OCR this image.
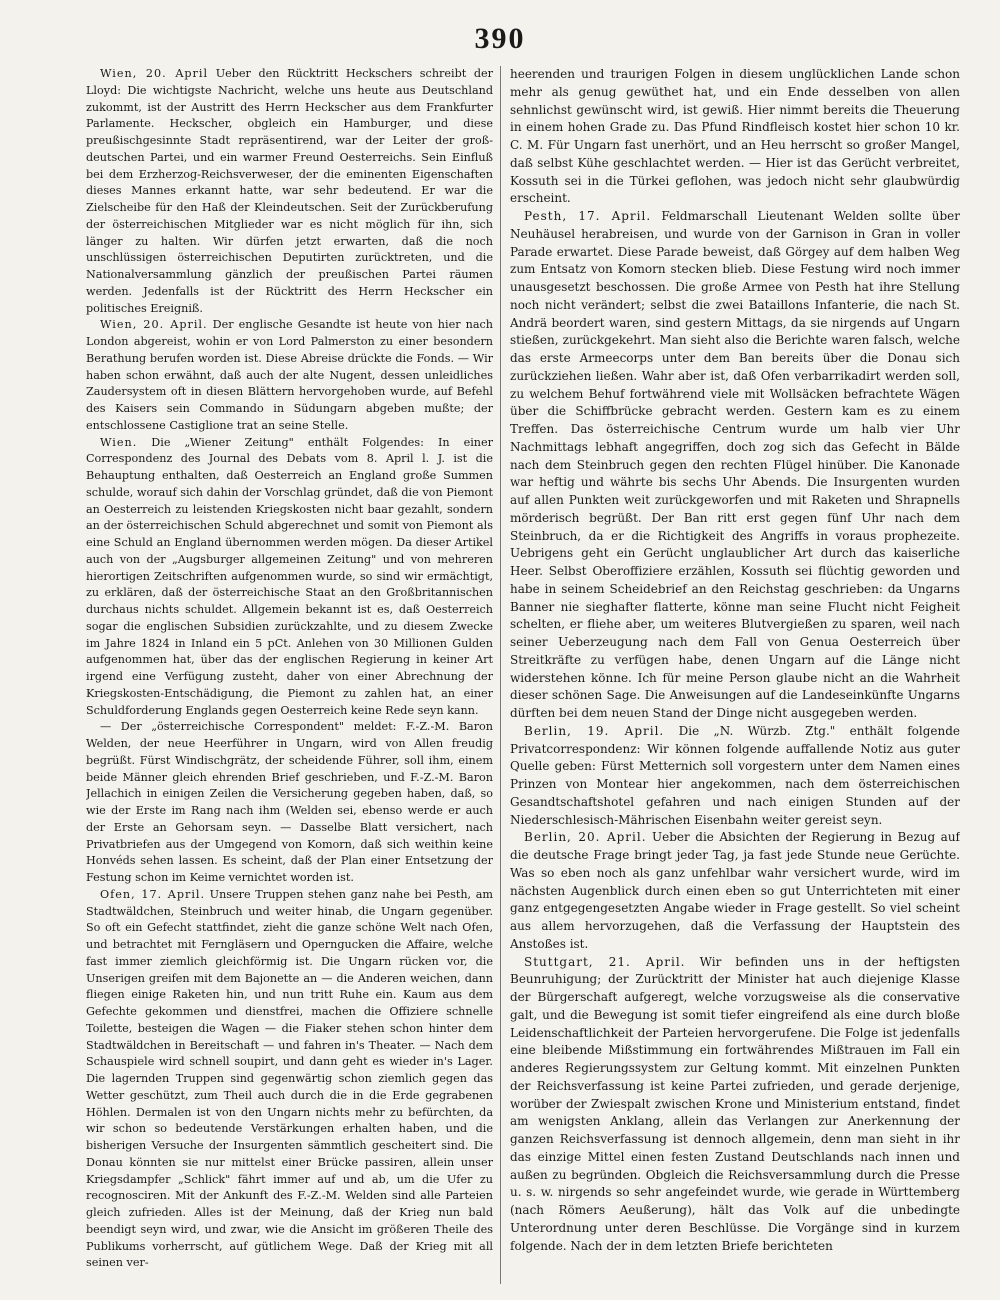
390

Wien, 20. April Ueber den Rücktritt Heckschers schreibt der Lloyd: Die wichtigste Nachricht, welche uns heute aus Deutschland zukommt, ist der Austritt des Herrn Heckscher aus dem Frankfurter Parlamente. Heckscher, obgleich ein Hamburger, und diese preußischgesinnte Stadt repräsentirend, war der Leiter der groß-deutschen Partei, und ein warmer Freund Oesterreichs. Sein Einfluß bei dem Erzherzog-Reichsverweser, der die eminenten Eigenschaften dieses Mannes erkannt hatte, war sehr bedeutend. Er war die Zielscheibe für den Haß der Kleindeutschen. Seit der Zurückberufung der österreichischen Mitglieder war es nicht möglich für ihn, sich länger zu halten. Wir dürfen jetzt erwarten, daß die noch unschlüssigen österreichischen Deputirten zurücktreten, und die Nationalversammlung gänzlich der preußischen Partei räumen werden. Jedenfalls ist der Rücktritt des Herrn Heckscher ein politisches Ereigniß.

Wien, 20. April. Der englische Gesandte ist heute von hier nach London abgereist, wohin er von Lord Palmerston zu einer besondern Berathung berufen worden ist. Diese Abreise drückte die Fonds. — Wir haben schon erwähnt, daß auch der alte Nugent, dessen unleidliches Zaudersystem oft in diesen Blättern hervorgehoben wurde, auf Befehl des Kaisers sein Commando in Südungarn abgeben mußte; der entschlossene Castiglione trat an seine Stelle.

Wien. Die „Wiener Zeitung" enthält Folgendes: In einer Correspondenz des Journal des Debats vom 8. April l. J. ist die Behauptung enthalten, daß Oesterreich an England große Summen schulde, worauf sich dahin der Vorschlag gründet, daß die von Piemont an Oesterreich zu leistenden Kriegskosten nicht baar gezahlt, sondern an der österreichischen Schuld abgerechnet und somit von Piemont als eine Schuld an England übernommen werden mögen. Da dieser Artikel auch von der „Augsburger allgemeinen Zeitung" und von mehreren hierortigen Zeitschriften aufgenommen wurde, so sind wir ermächtigt, zu erklären, daß der österreichische Staat an den Großbritannischen durchaus nichts schuldet. Allgemein bekannt ist es, daß Oesterreich sogar die englischen Subsidien zurückzahlte, und zu diesem Zwecke im Jahre 1824 in Inland ein 5 pCt. Anlehen von 30 Millionen Gulden aufgenommen hat, über das der englischen Regierung in keiner Art irgend eine Verfügung zusteht, daher von einer Abrechnung der Kriegskosten-Entschädigung, die Piemont zu zahlen hat, an einer Schuldforderung Englands gegen Oesterreich keine Rede seyn kann.

— Der „österreichische Correspondent" meldet: F.-Z.-M. Baron Welden, der neue Heerführer in Ungarn, wird von Allen freudig begrüßt. Fürst Windischgrätz, der scheidende Führer, soll ihm, einem beide Männer gleich ehrenden Brief geschrieben, und F.-Z.-M. Baron Jellachich in einigen Zeilen die Versicherung gegeben haben, daß, so wie der Erste im Rang nach ihm (Welden sei, ebenso werde er auch der Erste an Gehorsam seyn. — Dasselbe Blatt versichert, nach Privatbriefen aus der Umgegend von Komorn, daß sich weithin keine Honvéds sehen lassen. Es scheint, daß der Plan einer Entsetzung der Festung schon im Keime vernichtet worden ist.

Ofen, 17. April. Unsere Truppen stehen ganz nahe bei Pesth, am Stadtwäldchen, Steinbruch und weiter hinab, die Ungarn gegenüber. So oft ein Gefecht stattfindet, zieht die ganze schöne Welt nach Ofen, und betrachtet mit Ferngläsern und Operngucken die Affaire, welche fast immer ziemlich gleichförmig ist. Die Ungarn rücken vor, die Unserigen greifen mit dem Bajonette an — die Anderen weichen, dann fliegen einige Raketen hin, und nun tritt Ruhe ein. Kaum aus dem Gefechte gekommen und dienstfrei, machen die Offiziere schnelle Toilette, besteigen die Wagen — die Fiaker stehen schon hinter dem Stadtwäldchen in Bereitschaft — und fahren in's Theater. — Nach dem Schauspiele wird schnell soupirt, und dann geht es wieder in's Lager. Die lagernden Truppen sind gegenwärtig schon ziemlich gegen das Wetter geschützt, zum Theil auch durch die in die Erde gegrabenen Höhlen. Dermalen ist von den Ungarn nichts mehr zu befürchten, da wir schon so bedeutende Verstärkungen erhalten haben, und die bisherigen Versuche der Insurgenten sämmtlich gescheitert sind. Die Donau könnten sie nur mittelst einer Brücke passiren, allein unser Kriegsdampfer „Schlick" fährt immer auf und ab, um die Ufer zu recognosciren. Mit der Ankunft des F.-Z.-M. Welden sind alle Parteien gleich zufrieden. Alles ist der Meinung, daß der Krieg nun bald beendigt seyn wird, und zwar, wie die Ansicht im größeren Theile des Publikums vorherrscht, auf gütlichem Wege. Daß der Krieg mit all seinen ver-

heerenden und traurigen Folgen in diesem unglücklichen Lande schon mehr als genug gewüthet hat, und ein Ende desselben von allen sehnlichst gewünscht wird, ist gewiß. Hier nimmt bereits die Theuerung in einem hohen Grade zu. Das Pfund Rindfleisch kostet hier schon 10 kr. C. M. Für Ungarn fast unerhört, und an Heu herrscht so großer Mangel, daß selbst Kühe geschlachtet werden. — Hier ist das Gerücht verbreitet, Kossuth sei in die Türkei geflohen, was jedoch nicht sehr glaubwürdig erscheint.

Pesth, 17. April. Feldmarschall Lieutenant Welden sollte über Neuhäusel herabreisen, und wurde von der Garnison in Gran in voller Parade erwartet. Diese Parade beweist, daß Görgey auf dem halben Weg zum Entsatz von Komorn stecken blieb. Diese Festung wird noch immer unausgesetzt beschossen. Die große Armee von Pesth hat ihre Stellung noch nicht verändert; selbst die zwei Bataillons Infanterie, die nach St. Andrä beordert waren, sind gestern Mittags, da sie nirgends auf Ungarn stießen, zurückgekehrt. Man sieht also die Berichte waren falsch, welche das erste Armeecorps unter dem Ban bereits über die Donau sich zurückziehen ließen. Wahr aber ist, daß Ofen verbarrikadirt werden soll, zu welchem Behuf fortwährend viele mit Wollsäcken befrachtete Wägen über die Schiffbrücke gebracht werden. Gestern kam es zu einem Treffen. Das österreichische Centrum wurde um halb vier Uhr Nachmittags lebhaft angegriffen, doch zog sich das Gefecht in Bälde nach dem Steinbruch gegen den rechten Flügel hinüber. Die Kanonade war heftig und währte bis sechs Uhr Abends. Die Insurgenten wurden auf allen Punkten weit zurückgeworfen und mit Raketen und Shrapnells mörderisch begrüßt. Der Ban ritt erst gegen fünf Uhr nach dem Steinbruch, da er die Richtigkeit des Angriffs in voraus prophezeite. Uebrigens geht ein Gerücht unglaublicher Art durch das kaiserliche Heer. Selbst Oberoffiziere erzählen, Kossuth sei flüchtig geworden und habe in seinem Scheidebrief an den Reichstag geschrieben: da Ungarns Banner nie sieghafter flatterte, könne man seine Flucht nicht Feigheit schelten, er fliehe aber, um weiteres Blutvergießen zu sparen, weil nach seiner Ueberzeugung nach dem Fall von Genua Oesterreich über Streitkräfte zu verfügen habe, denen Ungarn auf die Länge nicht widerstehen könne. Ich für meine Person glaube nicht an die Wahrheit dieser schönen Sage. Die Anweisungen auf die Landeseinkünfte Ungarns dürften bei dem neuen Stand der Dinge nicht ausgegeben werden.

Berlin, 19. April. Die „N. Würzb. Ztg." enthält folgende Privatcorrespondenz: Wir können folgende auffallende Notiz aus guter Quelle geben: Fürst Metternich soll vorgestern unter dem Namen eines Prinzen von Montear hier angekommen, nach dem österreichischen Gesandtschaftshotel gefahren und nach einigen Stunden auf der Niederschlesisch-Mährischen Eisenbahn weiter gereist seyn.

Berlin, 20. April. Ueber die Absichten der Regierung in Bezug auf die deutsche Frage bringt jeder Tag, ja fast jede Stunde neue Gerüchte. Was so eben noch als ganz unfehlbar wahr versichert wurde, wird im nächsten Augenblick durch einen eben so gut Unterrichteten mit einer ganz entgegengesetzten Angabe wieder in Frage gestellt. So viel scheint aus allem hervorzugehen, daß die Verfassung der Hauptstein des Anstoßes ist.

Stuttgart, 21. April. Wir befinden uns in der heftigsten Beunruhigung; der Zurücktritt der Minister hat auch diejenige Klasse der Bürgerschaft aufgeregt, welche vorzugsweise als die conservative galt, und die Bewegung ist somit tiefer eingreifend als eine durch bloße Leidenschaftlichkeit der Parteien hervorgerufene. Die Folge ist jedenfalls eine bleibende Mißstimmung ein fortwährendes Mißtrauen im Fall ein anderes Regierungssystem zur Geltung kommt. Mit einzelnen Punkten der Reichsverfassung ist keine Partei zufrieden, und gerade derjenige, worüber der Zwiespalt zwischen Krone und Ministerium entstand, findet am wenigsten Anklang, allein das Verlangen zur Anerkennung der ganzen Reichsverfassung ist dennoch allgemein, denn man sieht in ihr das einzige Mittel einen festen Zustand Deutschlands nach innen und außen zu begründen. Obgleich die Reichsversammlung durch die Presse u. s. w. nirgends so sehr angefeindet wurde, wie gerade in Württemberg (nach Römers Aeußerung), hält das Volk auf die unbedingte Unterordnung unter deren Beschlüsse. Die Vorgänge sind in kurzem folgende. Nach der in dem letzten Briefe berichteten
